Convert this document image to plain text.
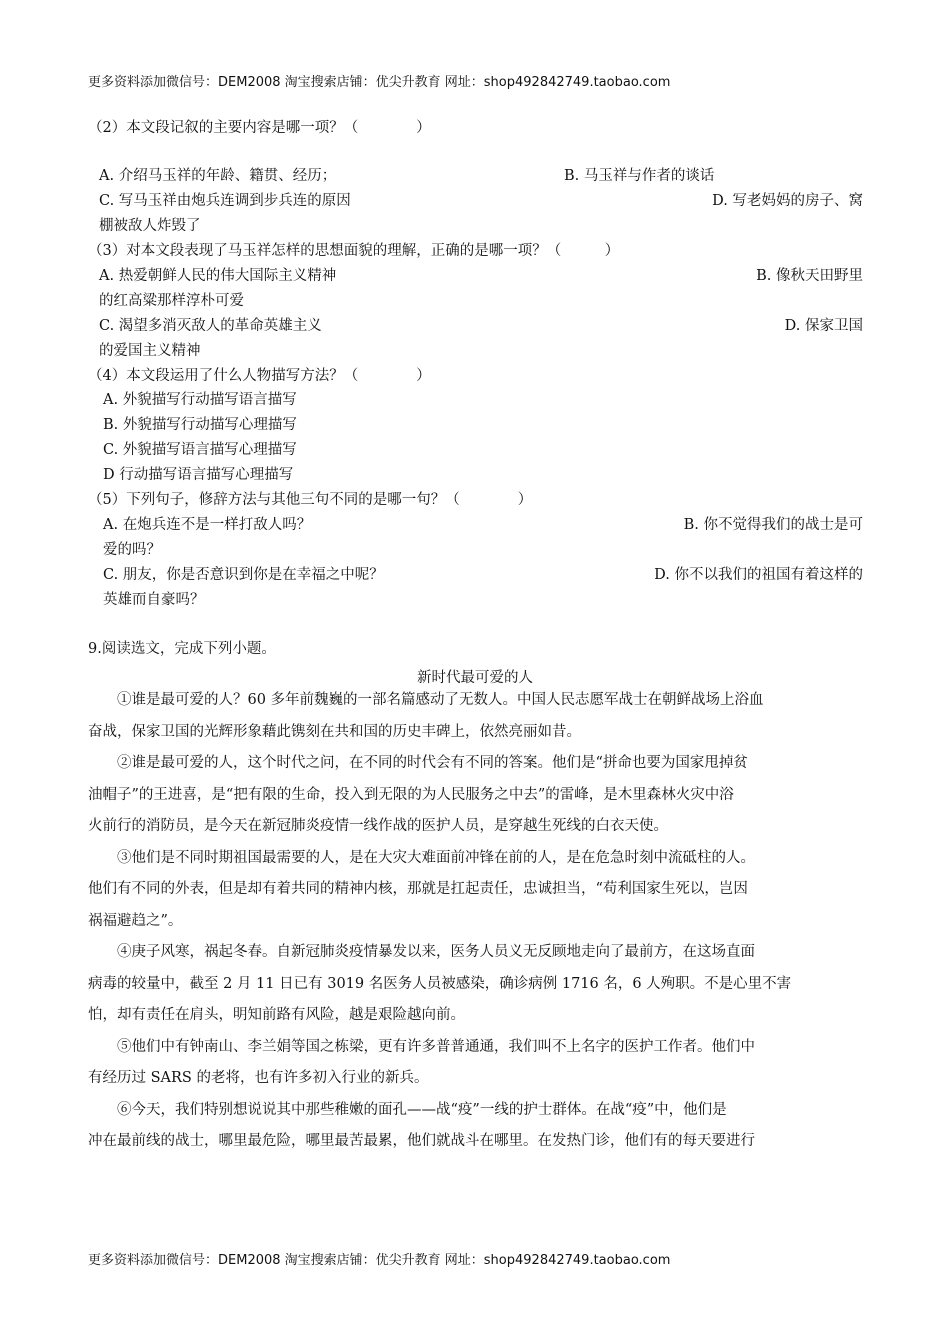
更多资料添加微信号：DEM2008 淘宝搜索店铺：优尖升教育 网址：shop492842749.taobao.com
（2）本文段记叙的主要内容是哪一项？（　　　　）
A. 介绍马玉祥的年龄、籍贯、经历；	B. 马玉祥与作者的谈话
C. 写马玉祥由炮兵连调到步兵连的原因	D. 写老妈妈的房子、窝
棚被敌人炸毁了
（3）对本文段表现了马玉祥怎样的思想面貌的理解，正确的是哪一项？（　　　）
A. 热爱朝鲜人民的伟大国际主义精神	B. 像秋天田野里
的红高粱那样淳朴可爱
C. 渴望多消灭敌人的革命英雄主义	D. 保家卫国
的爱国主义精神
（4）本文段运用了什么人物描写方法？（　　　　）
A. 外貌描写行动描写语言描写
B. 外貌描写行动描写心理描写
C. 外貌描写语言描写心理描写
D 行动描写语言描写心理描写
（5）下列句子，修辞方法与其他三句不同的是哪一句？（　　　　）
A. 在炮兵连不是一样打敌人吗？	B. 你不觉得我们的战士是可
爱的吗？
C. 朋友，你是否意识到你是在幸福之中呢？	D. 你不以我们的祖国有着这样的
英雄而自豪吗？
9.阅读选文，完成下列小题。
新时代最可爱的人
①谁是最可爱的人？60 多年前魏巍的一部名篇感动了无数人。中国人民志愿军战士在朝鲜战场上浴血
奋战，保家卫国的光辉形象藉此镌刻在共和国的历史丰碑上，依然亮丽如昔。
②谁是最可爱的人，这个时代之问，在不同的时代会有不同的答案。他们是“拼命也要为国家甩掉贫
油帽子”的王进喜，是“把有限的生命，投入到无限的为人民服务之中去”的雷峰，是木里森林火灾中浴
火前行的消防员，是今天在新冠肺炎疫情一线作战的医护人员，是穿越生死线的白衣天使。
③他们是不同时期祖国最需要的人，是在大灾大难面前冲锋在前的人，是在危急时刻中流砥柱的人。
他们有不同的外表，但是却有着共同的精神内核，那就是扛起责任，忠诚担当，“苟利国家生死以，岂因
祸福避趋之”。
④庚子风寒，祸起冬春。自新冠肺炎疫情暴发以来，医务人员义无反顾地走向了最前方，在这场直面
病毒的较量中，截至 2 月 11 日已有 3019 名医务人员被感染，确诊病例 1716 名，6 人殉职。不是心里不害
怕，却有责任在肩头，明知前路有风险，越是艰险越向前。
⑤他们中有钟南山、李兰娟等国之栋梁，更有许多普普通通，我们叫不上名字的医护工作者。他们中
有经历过 SARS 的老将，也有许多初入行业的新兵。
⑥今天，我们特别想说说其中那些稚嫩的面孔——战“疫”一线的护士群体。在战“疫”中，他们是
冲在最前线的战士，哪里最危险，哪里最苦最累，他们就战斗在哪里。在发热门诊，他们有的每天要进行
更多资料添加微信号：DEM2008 淘宝搜索店铺：优尖升教育 网址：shop492842749.taobao.com
